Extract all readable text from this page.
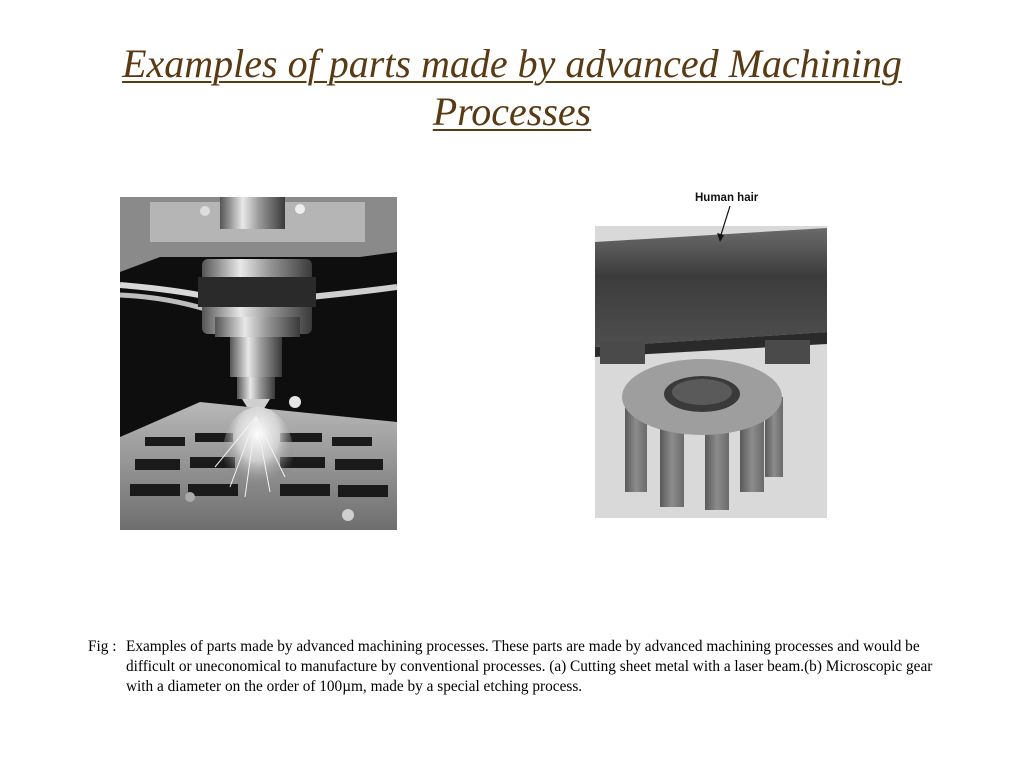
Examples of parts made by advanced Machining Processes
Human hair
Fig : Examples of parts made by advanced machining processes. These parts are made by advanced machining processes and would be difficult or uneconomical to manufacture by conventional processes. (a) Cutting sheet metal with a laser beam.(b) Microscopic gear with a diameter on the order of 100µm, made by a special etching process.
